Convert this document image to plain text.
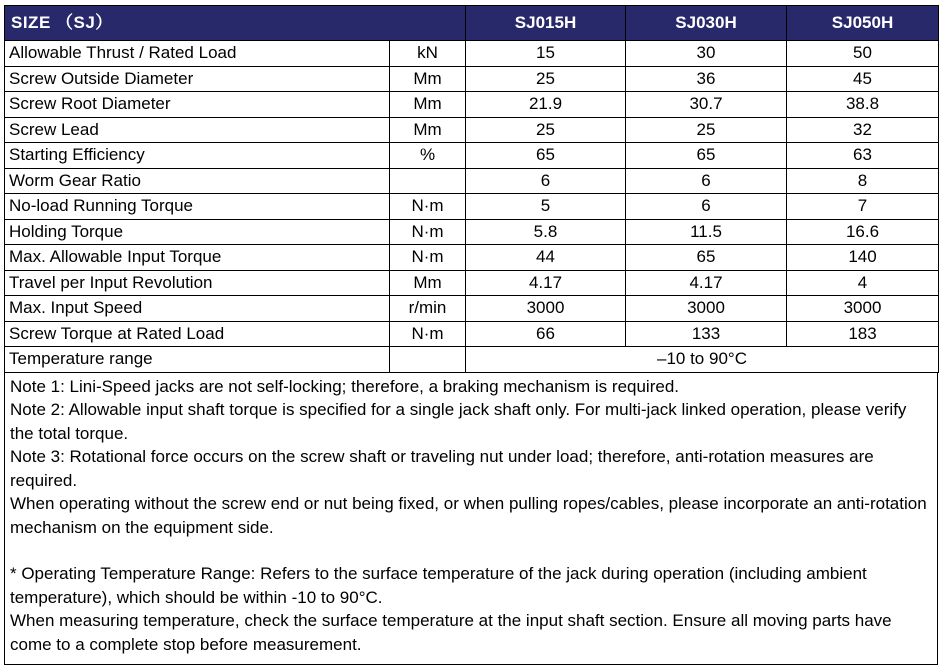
SIZE （SJ）		SJ015H	SJ030H	SJ050H
Allowable Thrust / Rated Load	kN	15	30	50
Screw Outside Diameter	Mm	25	36	45
Screw Root Diameter	Mm	21.9	30.7	38.8
Screw Lead	Mm	25	25	32
Starting Efficiency	%	65	65	63
Worm Gear Ratio		6	6	8
No-load Running Torque	N·m	5	6	7
Holding Torque	N·m	5.8	11.5	16.6
Max. Allowable Input Torque	N·m	44	65	140
Travel per Input Revolution	Mm	4.17	4.17	4
Max. Input Speed	r/min	3000	3000	3000
Screw Torque at Rated Load	N·m	66	133	183
Temperature range		–10 to 90°C		

Note 1: Lini-Speed jacks are not self-locking; therefore, a braking mechanism is required.

Note 2: Allowable input shaft torque is specified for a single jack shaft only. For multi-jack linked operation, please verify the total torque.

Note 3: Rotational force occurs on the screw shaft or traveling nut under load; therefore, anti-rotation measures are required.

When operating without the screw end or nut being fixed, or when pulling ropes/cables, please incorporate an anti-rotation mechanism on the equipment side.

* Operating Temperature Range: Refers to the surface temperature of the jack during operation (including ambient temperature), which should be within -10 to 90°C.

When measuring temperature, check the surface temperature at the input shaft section. Ensure all moving parts have come to a complete stop before measurement.
